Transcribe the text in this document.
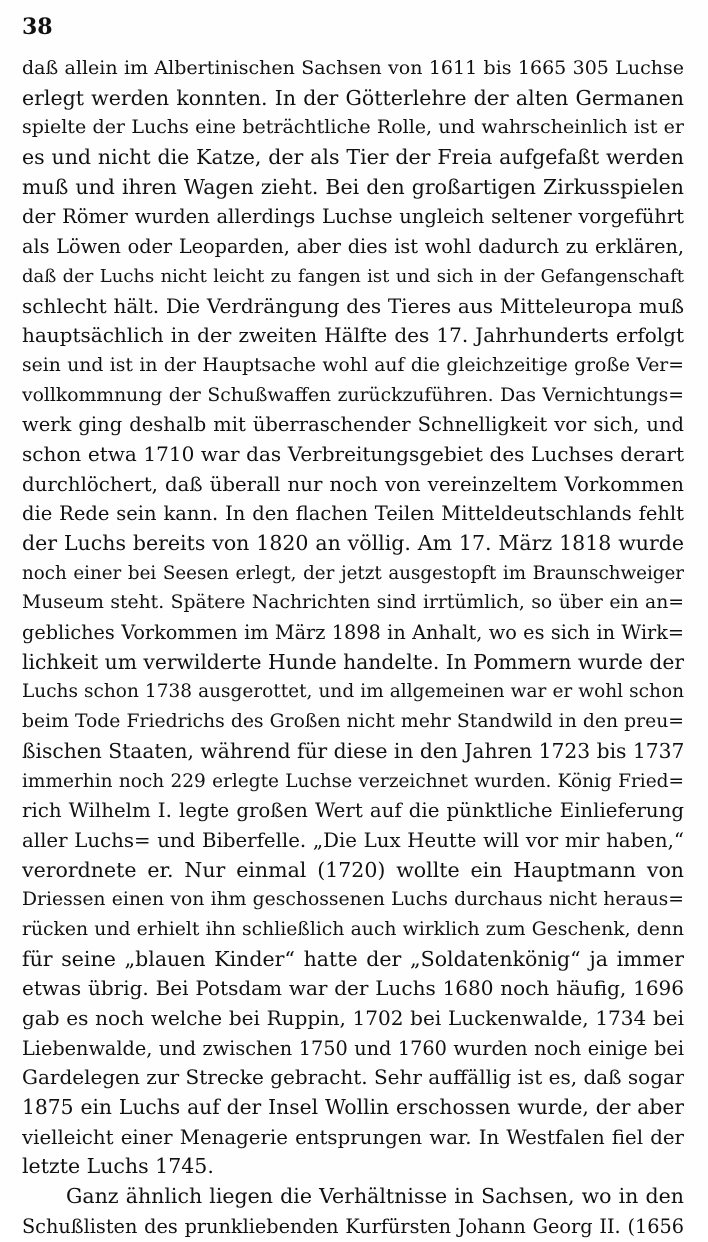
38
daß allein im Albertinischen Sachsen von 1611 bis 1665 305 Luchse
erlegt werden konnten. In der Götterlehre der alten Germanen
spielte der Luchs eine beträchtliche Rolle, und wahrscheinlich ist er
es und nicht die Katze, der als Tier der Freia aufgefaßt werden
muß und ihren Wagen zieht. Bei den großartigen Zirkusspielen
der Römer wurden allerdings Luchse ungleich seltener vorgeführt
als Löwen oder Leoparden, aber dies ist wohl dadurch zu erklären,
daß der Luchs nicht leicht zu fangen ist und sich in der Gefangenschaft
schlecht hält. Die Verdrängung des Tieres aus Mitteleuropa muß
hauptsächlich in der zweiten Hälfte des 17. Jahrhunderts erfolgt
sein und ist in der Hauptsache wohl auf die gleichzeitige große Ver=
vollkommnung der Schußwaffen zurückzuführen. Das Vernichtungs=
werk ging deshalb mit überraschender Schnelligkeit vor sich, und
schon etwa 1710 war das Verbreitungsgebiet des Luchses derart
durchlöchert, daß überall nur noch von vereinzeltem Vorkommen
die Rede sein kann. In den flachen Teilen Mitteldeutschlands fehlt
der Luchs bereits von 1820 an völlig. Am 17. März 1818 wurde
noch einer bei Seesen erlegt, der jetzt ausgestopft im Braunschweiger
Museum steht. Spätere Nachrichten sind irrtümlich, so über ein an=
gebliches Vorkommen im März 1898 in Anhalt, wo es sich in Wirk=
lichkeit um verwilderte Hunde handelte. In Pommern wurde der
Luchs schon 1738 ausgerottet, und im allgemeinen war er wohl schon
beim Tode Friedrichs des Großen nicht mehr Standwild in den preu=
ßischen Staaten, während für diese in den Jahren 1723 bis 1737
immerhin noch 229 erlegte Luchse verzeichnet wurden. König Fried=
rich Wilhelm I. legte großen Wert auf die pünktliche Einlieferung
aller Luchs= und Biberfelle. „Die Lux Heutte will vor mir haben,“
verordnete er. Nur einmal (1720) wollte ein Hauptmann von
Driessen einen von ihm geschossenen Luchs durchaus nicht heraus=
rücken und erhielt ihn schließlich auch wirklich zum Geschenk, denn
für seine „blauen Kinder“ hatte der „Soldatenkönig“ ja immer
etwas übrig. Bei Potsdam war der Luchs 1680 noch häufig, 1696
gab es noch welche bei Ruppin, 1702 bei Luckenwalde, 1734 bei
Liebenwalde, und zwischen 1750 und 1760 wurden noch einige bei
Gardelegen zur Strecke gebracht. Sehr auffällig ist es, daß sogar
1875 ein Luchs auf der Insel Wollin erschossen wurde, der aber
vielleicht einer Menagerie entsprungen war. In Westfalen fiel der
letzte Luchs 1745.
Ganz ähnlich liegen die Verhältnisse in Sachsen, wo in den
Schußlisten des prunkliebenden Kurfürsten Johann Georg II. (1656
